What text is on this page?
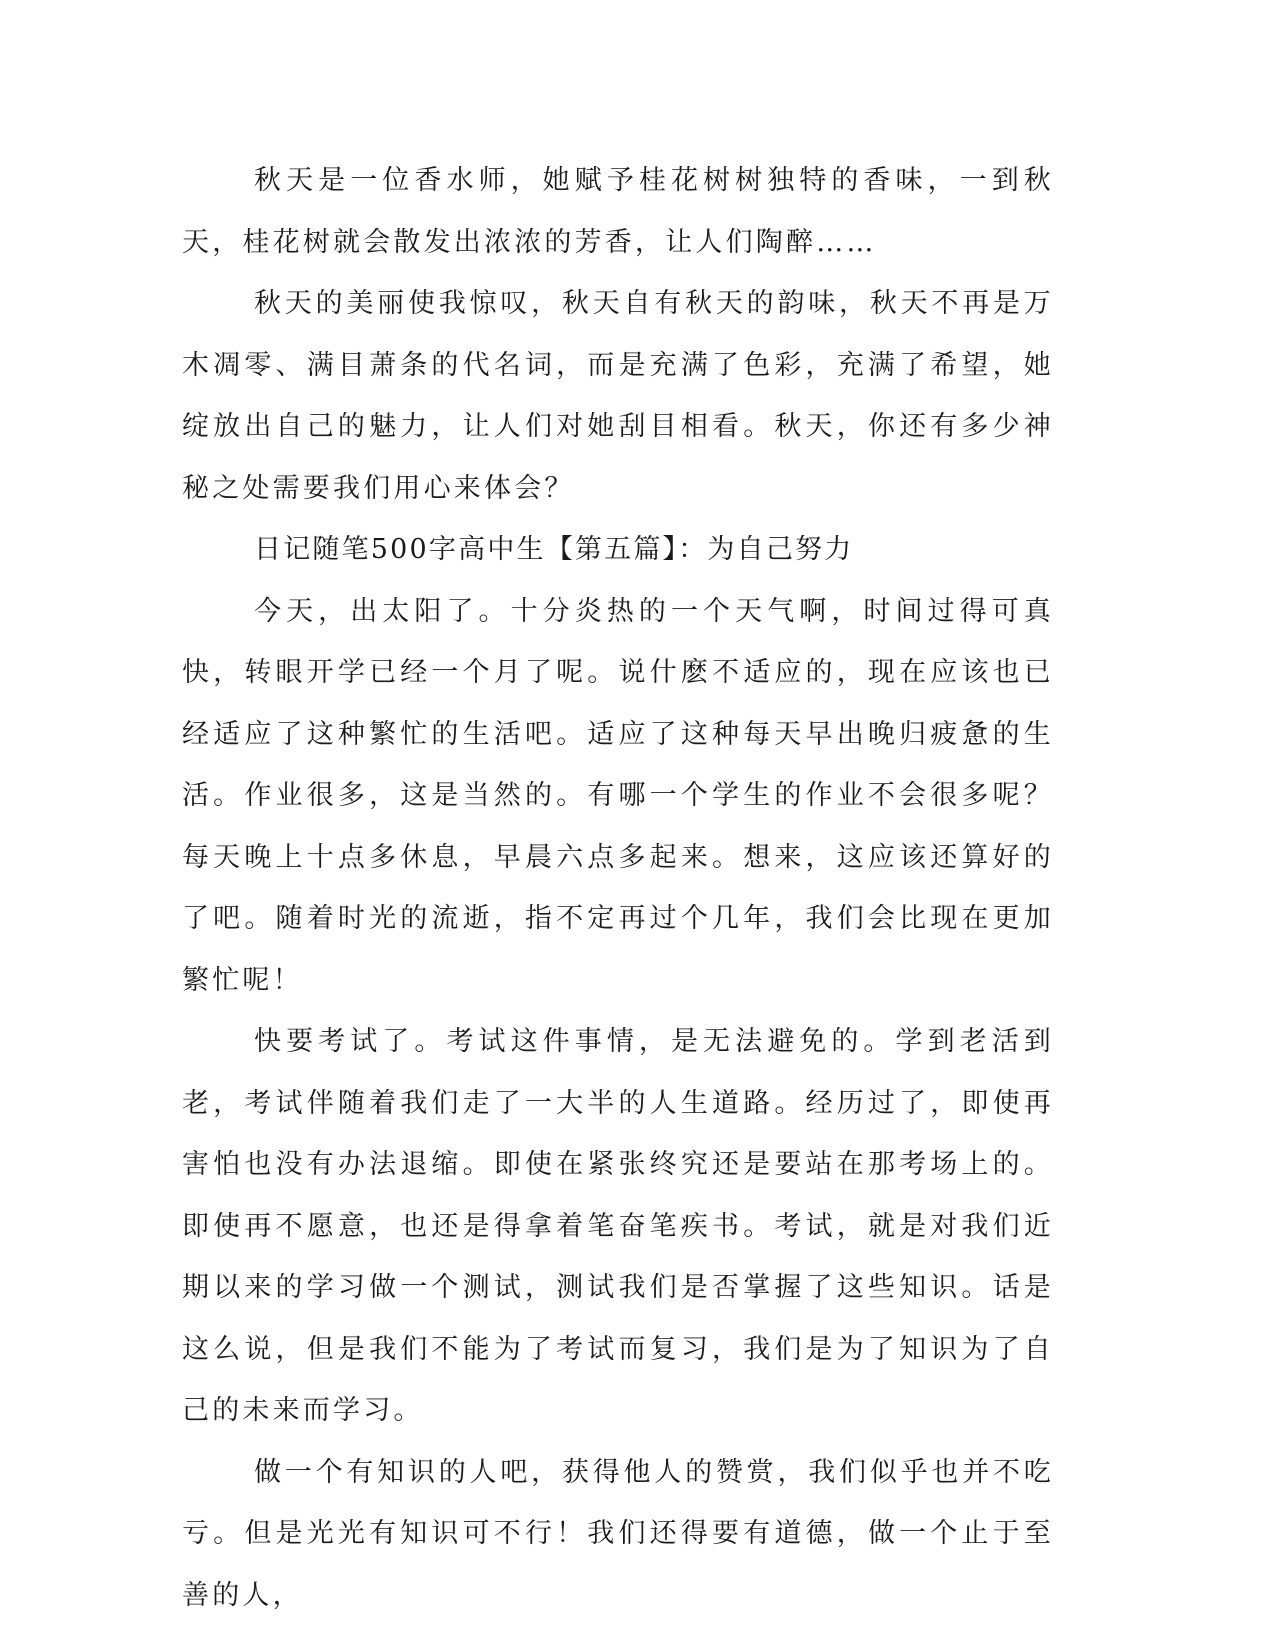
秋天是一位香水师，她赋予桂花树树独特的香味，一到秋天，桂花树就会散发出浓浓的芳香，让人们陶醉……

秋天的美丽使我惊叹，秋天自有秋天的韵味，秋天不再是万木凋零、满目萧条的代名词，而是充满了色彩，充满了希望，她绽放出自己的魅力，让人们对她刮目相看。秋天，你还有多少神秘之处需要我们用心来体会？

日记随笔500字高中生【第五篇】：为自己努力

今天，出太阳了。十分炎热的一个天气啊，时间过得可真快，转眼开学已经一个月了呢。说什麽不适应的，现在应该也已经适应了这种繁忙的生活吧。适应了这种每天早出晚归疲惫的生活。作业很多，这是当然的。有哪一个学生的作业不会很多呢？每天晚上十点多休息，早晨六点多起来。想来，这应该还算好的了吧。随着时光的流逝，指不定再过个几年，我们会比现在更加繁忙呢！

快要考试了。考试这件事情，是无法避免的。学到老活到老，考试伴随着我们走了一大半的人生道路。经历过了，即使再害怕也没有办法退缩。即使在紧张终究还是要站在那考场上的。即使再不愿意，也还是得拿着笔奋笔疾书。考试，就是对我们近期以来的学习做一个测试，测试我们是否掌握了这些知识。话是这么说，但是我们不能为了考试而复习，我们是为了知识为了自己的未来而学习。

做一个有知识的人吧，获得他人的赞赏，我们似乎也并不吃亏。但是光光有知识可不行！我们还得要有道德，做一个止于至善的人，
